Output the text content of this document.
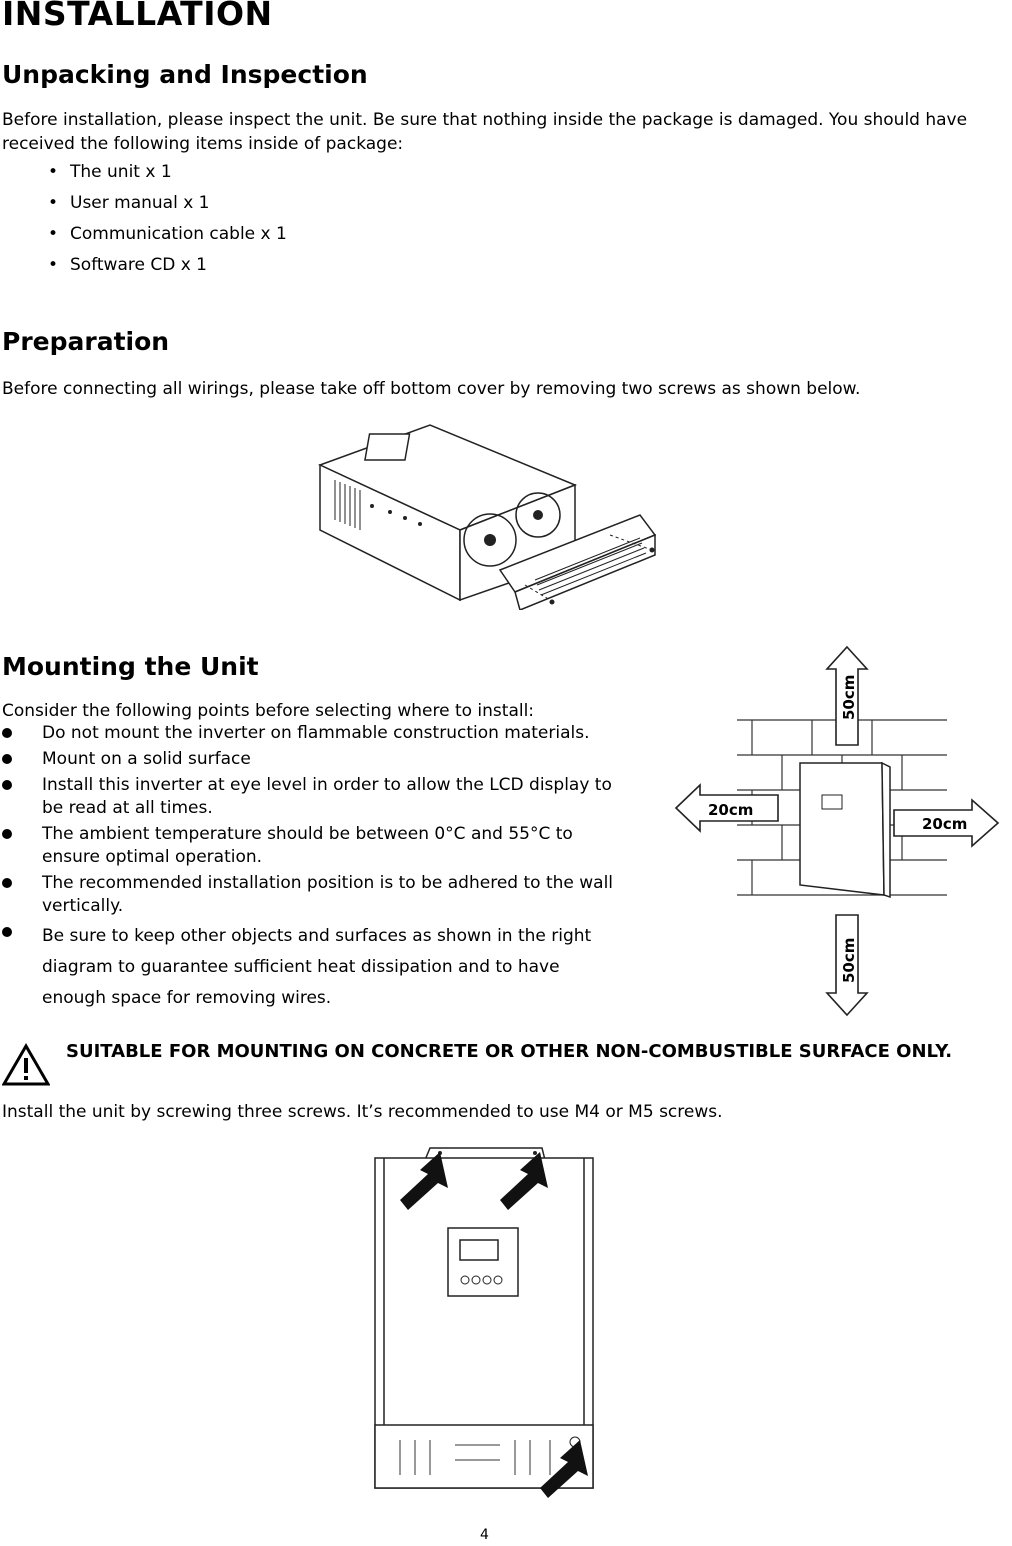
INSTALLATION
Unpacking and Inspection

Before installation, please inspect the unit. Be sure that nothing inside the package is damaged. You should have received the following items inside of package:

• The unit x 1
• User manual x 1
• Communication cable x 1
• Software CD x 1
Preparation

Before connecting all wirings, please take off bottom cover by removing two screws as shown below.

Mounting the Unit

Consider the following points before selecting where to install:

Do not mount the inverter on flammable construction materials.
Mount on a solid surface
Install this inverter at eye level in order to allow the LCD display to be read at all times.
The ambient temperature should be between 0°C and 55°C to ensure optimal operation.
The recommended installation position is to be adhered to the wall vertically.
Be sure to keep other objects and surfaces as shown in the right diagram to guarantee sufficient heat dissipation and to have enough space for removing wires.
50cm
50cm
20cm
20cm
SUITABLE FOR MOUNTING ON CONCRETE OR OTHER NON-COMBUSTIBLE SURFACE ONLY.

Install the unit by screwing three screws. It’s recommended to use M4 or M5 screws.

4
